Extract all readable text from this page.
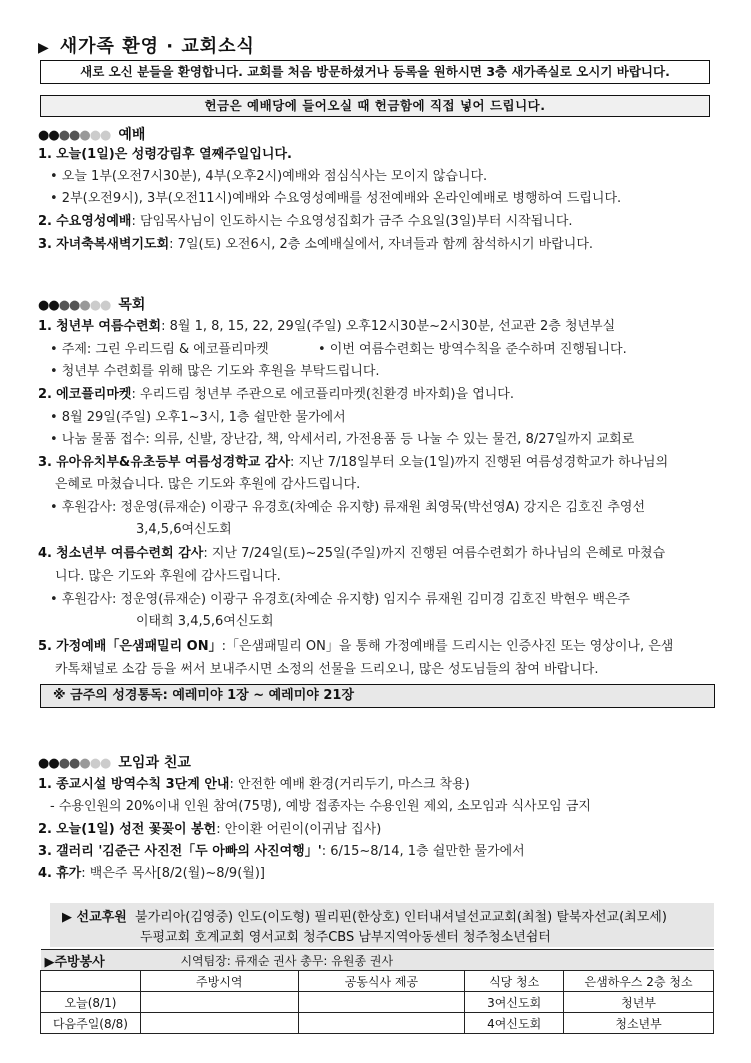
▶ 새가족 환영 · 교회소식
새로 오신 분들을 환영합니다. 교회를 처음 방문하셨거나 등록을 원하시면 3층 새가족실로 오시기 바랍니다.
헌금은 예배당에 들어오실 때 헌금함에 직접 넣어 드립니다.
●●●●●●● 예배
1. 오늘(1일)은 성령강림후 열째주일입니다.
• 오늘 1부(오전7시30분), 4부(오후2시)예배와 점심식사는 모이지 않습니다.
• 2부(오전9시), 3부(오전11시)예배와 수요영성예배를 성전예배와 온라인예배로 병행하여 드립니다.
2. 수요영성예배: 담임목사님이 인도하시는 수요영성집회가 금주 수요일(3일)부터 시작됩니다.
3. 자녀축복새벽기도회: 7일(토) 오전6시, 2층 소예배실에서, 자녀들과 함께 참석하시기 바랍니다.
●●●●●●● 목회
1. 청년부 여름수련회: 8월 1, 8, 15, 22, 29일(주일) 오후12시30분~2시30분, 선교관 2층 청년부실
• 주제: 그린 우리드림 & 에코플리마켓	• 이번 여름수련회는 방역수칙을 준수하며 진행됩니다.
• 청년부 수련회를 위해 많은 기도와 후원을 부탁드립니다.
2. 에코플리마켓: 우리드림 청년부 주관으로 에코플리마켓(친환경 바자회)을 엽니다.
• 8월 29일(주일) 오후1~3시, 1층 쉴만한 물가에서
• 나눔 물품 접수: 의류, 신발, 장난감, 책, 악세서리, 가전용품 등 나눌 수 있는 물건, 8/27일까지 교회로
3. 유아유치부&유초등부 여름성경학교 감사: 지난 7/18일부터 오늘(1일)까지 진행된 여름성경학교가 하나님의
은혜로 마쳤습니다. 많은 기도와 후원에 감사드립니다.
• 후원감사: 정운영(류재순) 이광구 유경호(차예순 유지향) 류재원 최영묵(박선영A) 강지은 김호진 추영선
3,4,5,6여신도회
4. 청소년부 여름수련회 감사: 지난 7/24일(토)~25일(주일)까지 진행된 여름수련회가 하나님의 은혜로 마쳤습
니다. 많은 기도와 후원에 감사드립니다.
• 후원감사: 정운영(류재순) 이광구 유경호(차예순 유지향) 임지수 류재원 김미경 김호진 박현우 백은주
이태희 3,4,5,6여신도회
5. 가정예배「은샘패밀리 ON」:「은샘패밀리 ON」을 통해 가정예배를 드리시는 인증사진 또는 영상이나, 은샘
카톡채널로 소감 등을 써서 보내주시면 소정의 선물을 드리오니, 많은 성도님들의 참여 바랍니다.
※ 금주의 성경통독: 예레미야 1장 ~ 예레미야 21장
●●●●●●● 모임과 친교
1. 종교시설 방역수칙 3단계 안내: 안전한 예배 환경(거리두기, 마스크 착용)
- 수용인원의 20%이내 인원 참여(75명), 예방 접종자는 수용인원 제외, 소모임과 식사모임 금지
2. 오늘(1일) 성전 꽃꽂이 봉헌: 안이환 어린이(이귀남 집사)
3. 갤러리 '김준근 사진전「두 아빠의 사진여행」': 6/15~8/14, 1층 쉴만한 물가에서
4. 휴가: 백은주 목사[8/2(월)~8/9(월)]
▶ 선교후원 불가리아(김영중) 인도(이도형) 필리핀(한상호) 인터내셔널선교교회(최철) 탈북자선교(최모세)
두평교회 호계교회 영서교회 청주CBS 남부지역아동센터 청주청소년쉼터
▶주방봉사	시역팀장: 류재순 권사 총무: 유원종 권사			
	주방시역	공동식사 제공	식당 청소	은샘하우스 2층 청소
오늘(8/1)			3여신도회	청년부
다음주일(8/8)			4여신도회	청소년부
